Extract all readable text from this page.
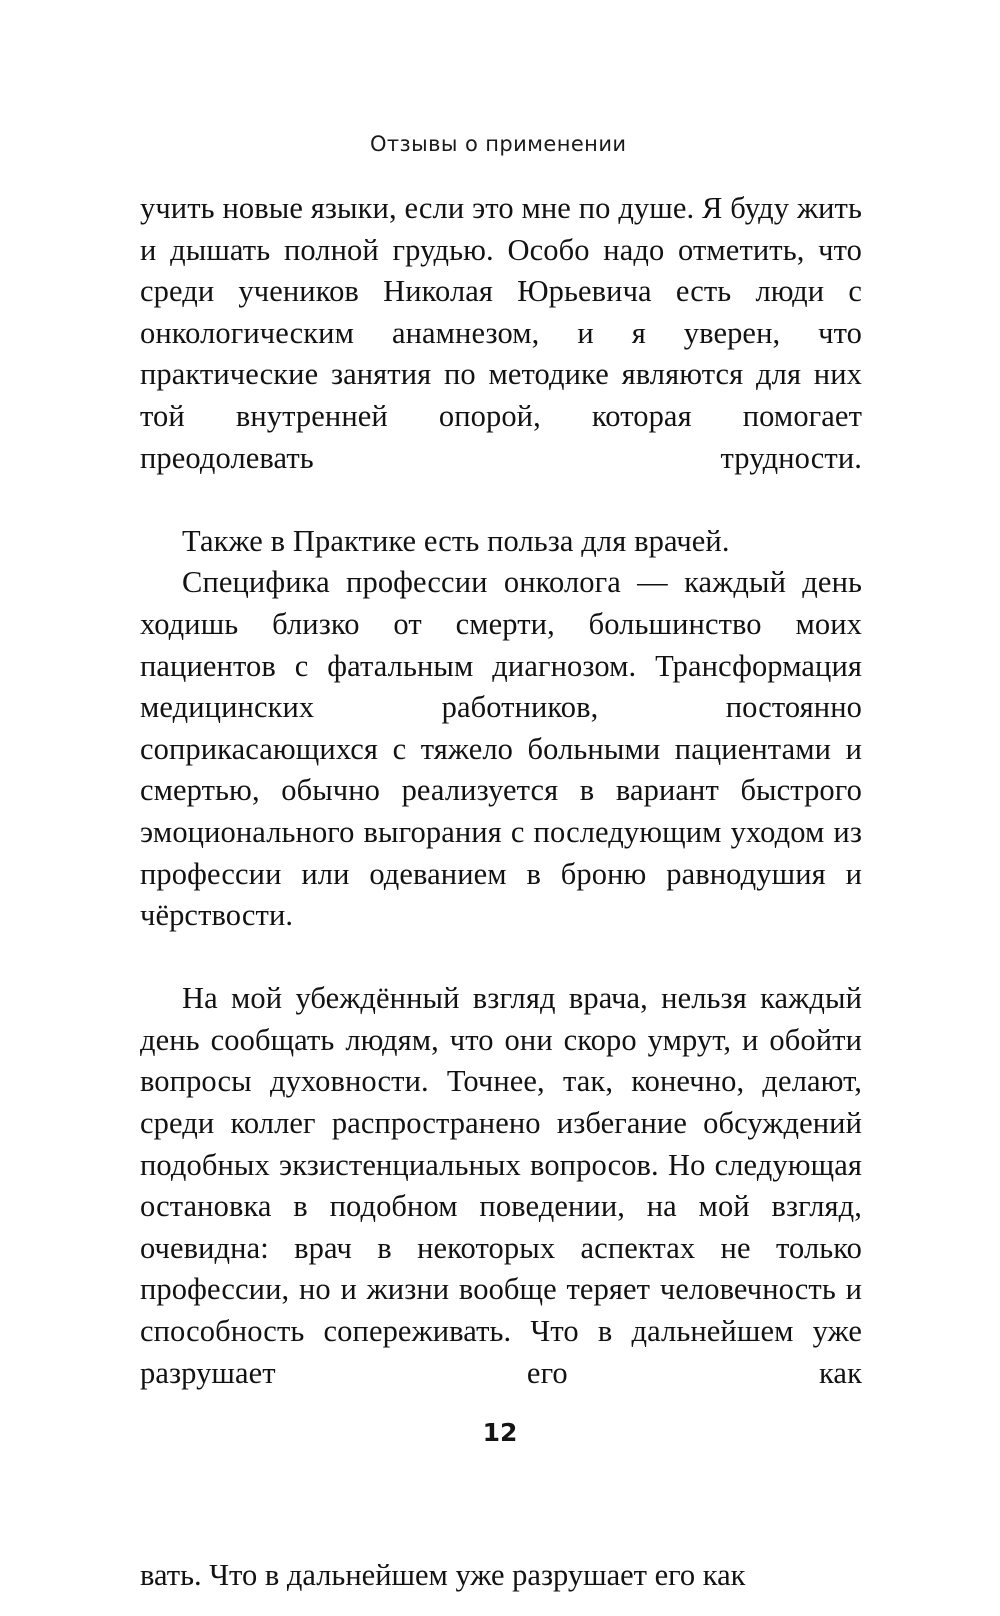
Отзывы о применении

учить новые языки, если это мне по душе. Я буду жить и дышать полной грудью. Особо надо отметить, что среди учеников Николая Юрьевича есть люди с онкологическим анамнезом, и я уверен, что практические занятия по методике являются для них той внутренней опорой, которая помогает преодолевать трудности.

Также в Практике есть польза для врачей.

Специфика профессии онколога — каждый день ходишь близко от смерти, большинство моих пациентов с фатальным диагнозом. Трансформация медицинских работников, постоянно соприкасающихся с тяжело больными пациентами и смертью, обычно реализуется в вариант быстрого эмоционального выгорания с последующим уходом из профессии или одеванием в броню равнодушия и чёрствости.

На мой убеждённый взгляд врача, нельзя каждый день сообщать людям, что они скоро умрут, и обойти вопросы духовности. Точнее, так, конечно, делают, среди коллег распространено избегание обсуждений подобных экзистенциальных вопросов. Но следующая остановка в подобном поведении, на мой взгляд, очевидна: врач в некоторых аспектах не только профессии, но и жизни вообще теряет человечность и способность сопереживать. Что в дальнейшем уже разрушает его как

12
вать. Что в дальнейшем уже разрушает его как
